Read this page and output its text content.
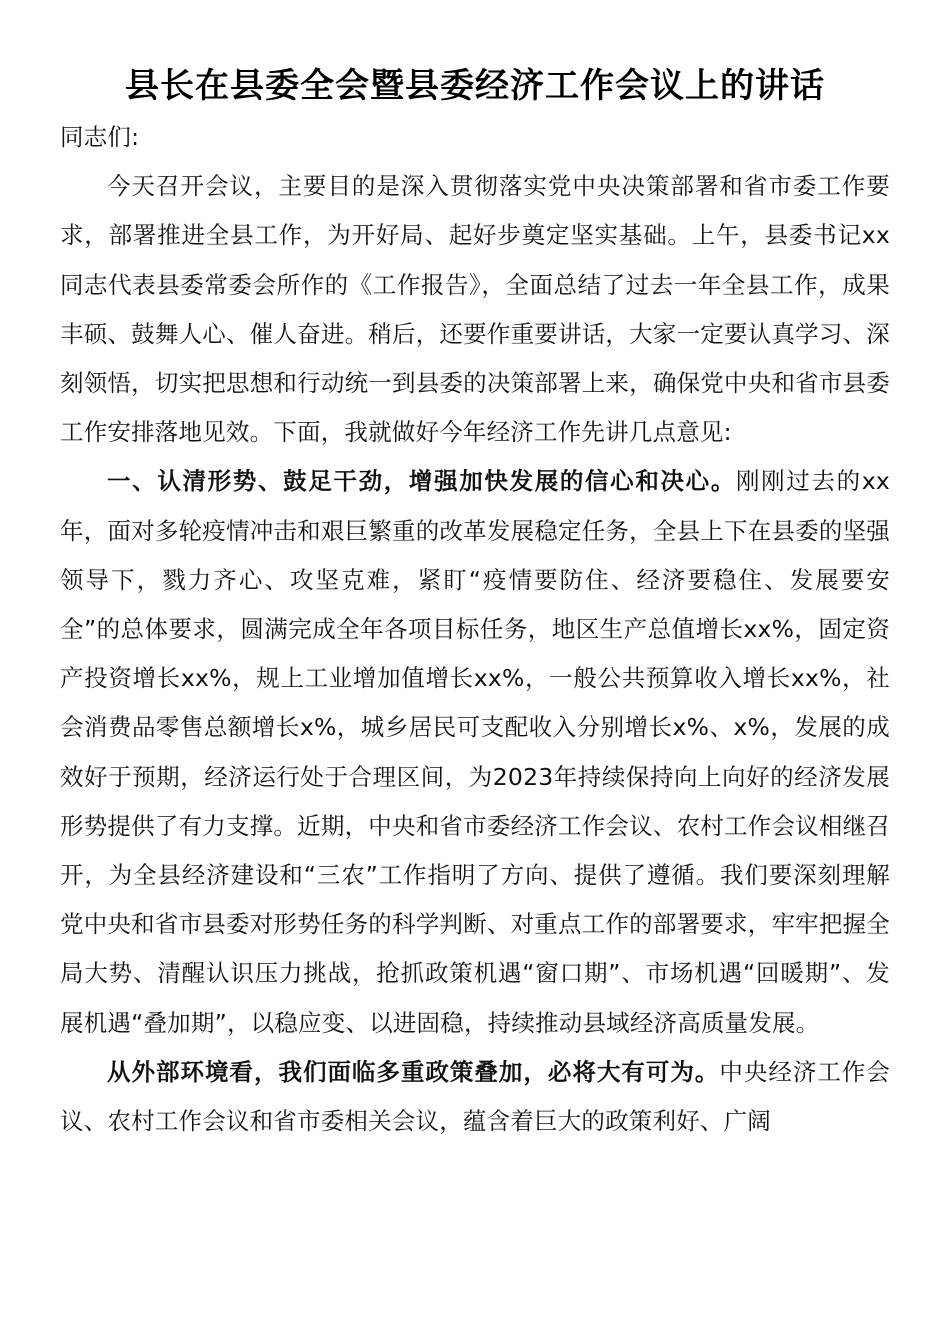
县长在县委全会暨县委经济工作会议上的讲话

同志们:

今天召开会议，主要目的是深入贯彻落实党中央决策部署和省市委工作要求，部署推进全县工作，为开好局、起好步奠定坚实基础。上午，县委书记xx同志代表县委常委会所作的《工作报告》，全面总结了过去一年全县工作，成果丰硕、鼓舞人心、催人奋进。稍后，还要作重要讲话，大家一定要认真学习、深刻领悟，切实把思想和行动统一到县委的决策部署上来，确保党中央和省市县委工作安排落地见效。下面，我就做好今年经济工作先讲几点意见:

一、认清形势、鼓足干劲，增强加快发展的信心和决心。刚刚过去的xx年，面对多轮疫情冲击和艰巨繁重的改革发展稳定任务，全县上下在县委的坚强领导下，戮力齐心、攻坚克难，紧盯“疫情要防住、经济要稳住、发展要安全”的总体要求，圆满完成全年各项目标任务，地区生产总值增长xx%，固定资产投资增长xx%，规上工业增加值增长xx%，一般公共预算收入增长xx%，社会消费品零售总额增长x%，城乡居民可支配收入分别增长x%、x%，发展的成效好于预期，经济运行处于合理区间，为2023年持续保持向上向好的经济发展形势提供了有力支撑。近期，中央和省市委经济工作会议、农村工作会议相继召开，为全县经济建设和“三农”工作指明了方向、提供了遵循。我们要深刻理解党中央和省市县委对形势任务的科学判断、对重点工作的部署要求，牢牢把握全局大势、清醒认识压力挑战，抢抓政策机遇“窗口期”、市场机遇“回暖期”、发展机遇“叠加期”，以稳应变、以进固稳，持续推动县域经济高质量发展。

从外部环境看，我们面临多重政策叠加，必将大有可为。中央经济工作会议、农村工作会议和省市委相关会议，蕴含着巨大的政策利好、广阔
